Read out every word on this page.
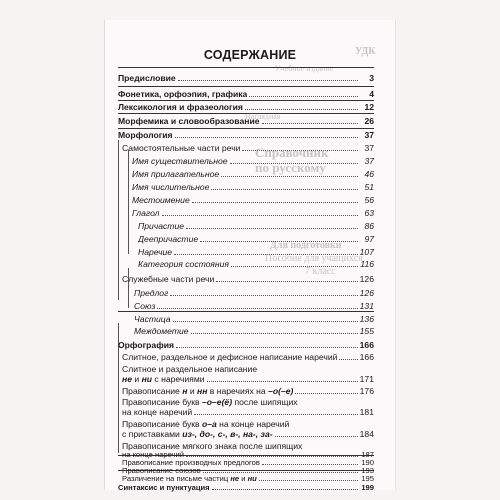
УДК
Учебное издание
Наглядная
Справочник
по русскому
Для подготовки
Пособие для учащихся
7 класс
СОДЕРЖАНИЕ
Предисловие	3
Фонетика, орфоэпия, графика	4
Лексикология и фразеология	12
Морфемика и словообразование	26
Морфология	37
Самостоятельные части речи	37
Имя существительное	37
Имя прилагательное	46
Имя числительное	51
Местоимение	56
Глагол	63
Причастие	86
Деепричастие	97
Наречие	107
Категория состояния	116
Служебные части речи	126
Предлог	126
Союз	131
Частица	136
Междометие	155
Орфография	166
Слитное, раздельное и дефисное написание наречий	166
Слитное и раздельное написание
не и ни с наречиями	171
Правописание н и нн в наречиях на –о(–е)	176
Правописание букв –о–е(ё) после шипящих
на конце наречий	181
Правописание букв о–а на конце наречий
с приставками из-, до-, с-, в-, на-, за-	184
Правописание мягкого знака после шипящих
на конце наречий	187
Правописание производных предлогов	190
Правописание союзов	193
Различение на письме частиц не и ни	195
Синтаксис и пунктуация	199
